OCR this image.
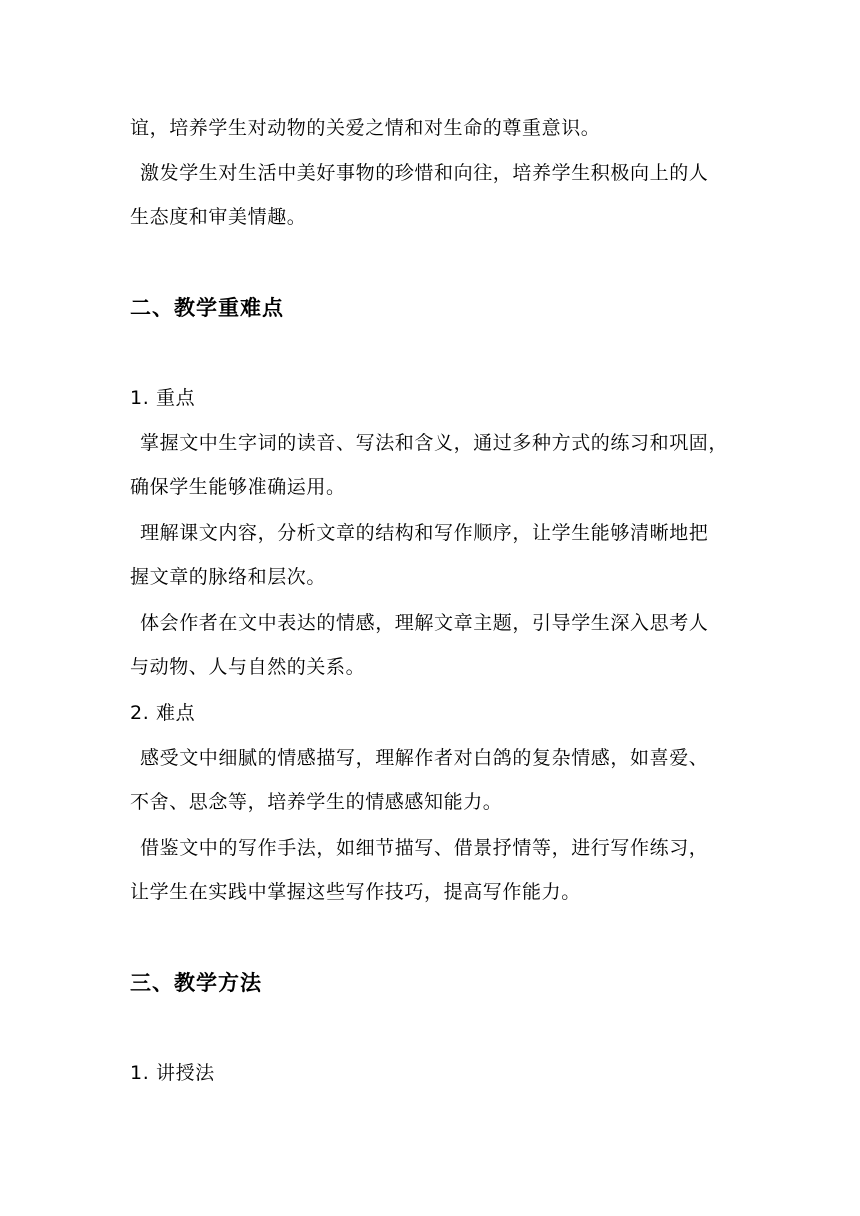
谊，培养学生对动物的关爱之情和对生命的尊重意识。
激发学生对生活中美好事物的珍惜和向往，培养学生积极向上的人
生态度和审美情趣。
二、教学重难点
1. 重点
掌握文中生字词的读音、写法和含义，通过多种方式的练习和巩固，
确保学生能够准确运用。
理解课文内容，分析文章的结构和写作顺序，让学生能够清晰地把
握文章的脉络和层次。
体会作者在文中表达的情感，理解文章主题，引导学生深入思考人
与动物、人与自然的关系。
2. 难点
感受文中细腻的情感描写，理解作者对白鸽的复杂情感，如喜爱、
不舍、思念等，培养学生的情感感知能力。
借鉴文中的写作手法，如细节描写、借景抒情等，进行写作练习，
让学生在实践中掌握这些写作技巧，提高写作能力。
三、教学方法
1. 讲授法
